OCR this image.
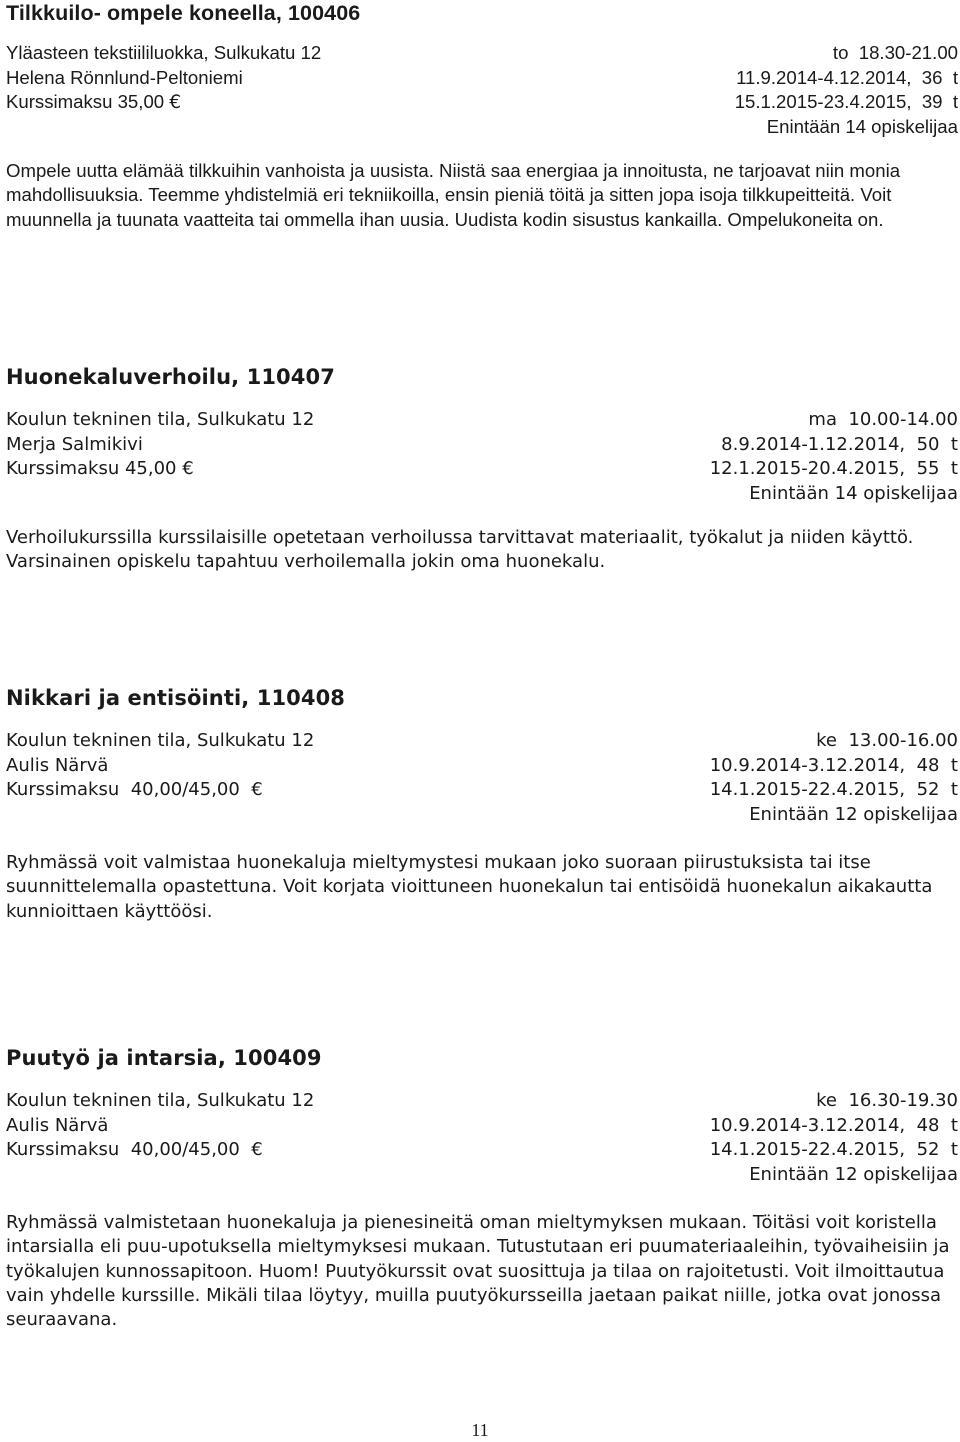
Tilkkuilo- ompele koneella, 100406
Yläasteen tekstiililuokka, Sulkukatu 12
Helena Rönnlund-Peltoniemi
Kurssimaksu 35,00 €
to  18.30-21.00
11.9.2014-4.12.2014,  36  t
15.1.2015-23.4.2015,  39  t
Enintään 14 opiskelijaa

Ompele uutta elämää tilkkuihin vanhoista ja uusista. Niistä saa energiaa ja innoitusta, ne tarjoavat niin monia mahdollisuuksia. Teemme yhdistelmiä eri tekniikoilla, ensin pieniä töitä ja sitten jopa isoja tilkkupeitteitä. Voit muunnella ja tuunata vaatteita tai ommella ihan uusia. Uudista kodin sisustus kankailla. Ompelukoneita on.

Huonekaluverhoilu, 110407
Koulun tekninen tila, Sulkukatu 12
Merja Salmikivi
Kurssimaksu 45,00 €
ma  10.00-14.00
8.9.2014-1.12.2014,  50  t
12.1.2015-20.4.2015,  55  t
Enintään 14 opiskelijaa

Verhoilukurssilla kurssilaisille opetetaan verhoilussa tarvittavat materiaalit, työkalut ja niiden käyttö. Varsinainen opiskelu tapahtuu verhoilemalla jokin oma huonekalu.

Nikkari ja entisöinti, 110408
Koulun tekninen tila, Sulkukatu 12
Aulis Närvä
Kurssimaksu  40,00/45,00 €
ke  13.00-16.00
10.9.2014-3.12.2014,  48  t
14.1.2015-22.4.2015,  52  t
Enintään 12 opiskelijaa

Ryhmässä voit valmistaa huonekaluja mieltymystesi mukaan joko suoraan piirustuksista tai itse suunnittelemalla opastettuna. Voit korjata vioittuneen huonekalun tai entisöidä huonekalun aikakautta kunnioittaen käyttöösi.

Puutyö ja intarsia, 100409
Koulun tekninen tila, Sulkukatu 12
Aulis Närvä
Kurssimaksu  40,00/45,00 €
ke  16.30-19.30
10.9.2014-3.12.2014,  48  t
14.1.2015-22.4.2015,  52  t
Enintään 12 opiskelijaa

Ryhmässä valmistetaan huonekaluja ja pienesineitä oman mieltymyksen mukaan. Töitäsi voit koristella intarsialla eli puu-upotuksella mieltymyksesi mukaan. Tutustutaan eri puumateriaaleihin, työvaiheisiin ja työkalujen kunnossapitoon. Huom! Puutyökurssit ovat suosittuja ja tilaa on rajoitetusti. Voit ilmoittautua vain yhdelle kurssille. Mikäli tilaa löytyy, muilla puutyökursseilla jaetaan paikat niille, jotka ovat jonossa seuraavana.

11
